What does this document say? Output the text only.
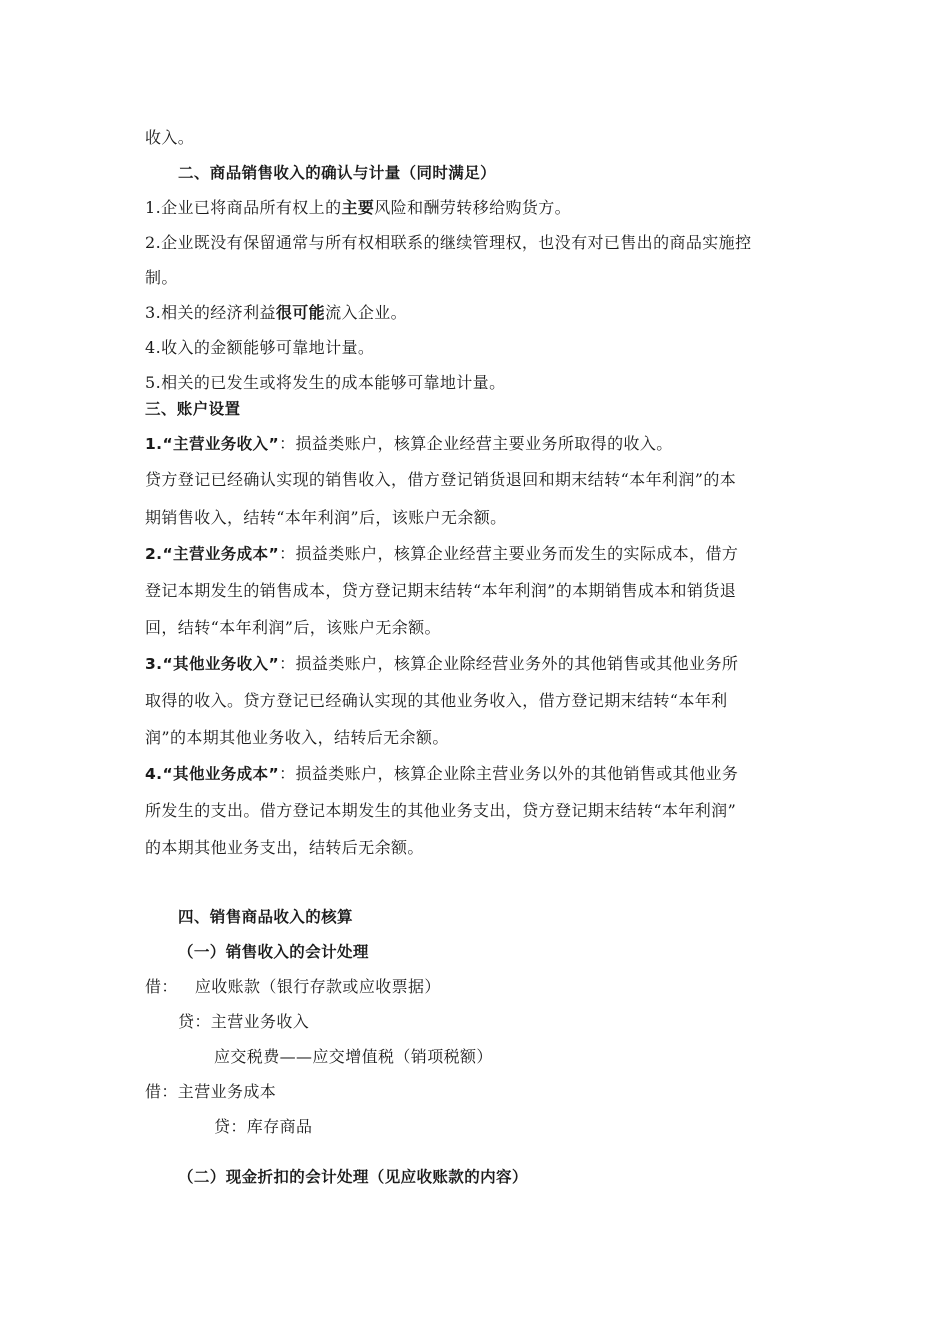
收入。
二、商品销售收入的确认与计量（同时满足）
1.企业已将商品所有权上的主要风险和酬劳转移给购货方。
2.企业既没有保留通常与所有权相联系的继续管理权，也没有对已售出的商品实施控
制。
3.相关的经济利益很可能流入企业。
4.收入的金额能够可靠地计量。
5.相关的已发生或将发生的成本能够可靠地计量。
三、账户设置
1.“主营业务收入”：损益类账户，核算企业经营主要业务所取得的收入。
贷方登记已经确认实现的销售收入，借方登记销货退回和期末结转“本年利润”的本
期销售收入，结转“本年利润”后，该账户无余额。
2.“主营业务成本”：损益类账户，核算企业经营主要业务而发生的实际成本，借方
登记本期发生的销售成本，贷方登记期末结转“本年利润”的本期销售成本和销货退
回，结转“本年利润”后，该账户无余额。
3.“其他业务收入”：损益类账户，核算企业除经营业务外的其他销售或其他业务所
取得的收入。贷方登记已经确认实现的其他业务收入，借方登记期末结转“本年利
润”的本期其他业务收入，结转后无余额。
4.“其他业务成本”：损益类账户，核算企业除主营业务以外的其他销售或其他业务
所发生的支出。借方登记本期发生的其他业务支出，贷方登记期末结转“本年利润”
的本期其他业务支出，结转后无余额。
四、销售商品收入的核算
（一）销售收入的会计处理
借： 应收账款（银行存款或应收票据）
贷：主营业务收入
应交税费——应交增值税（销项税额）
借：主营业务成本
贷：库存商品
（二）现金折扣的会计处理（见应收账款的内容）
